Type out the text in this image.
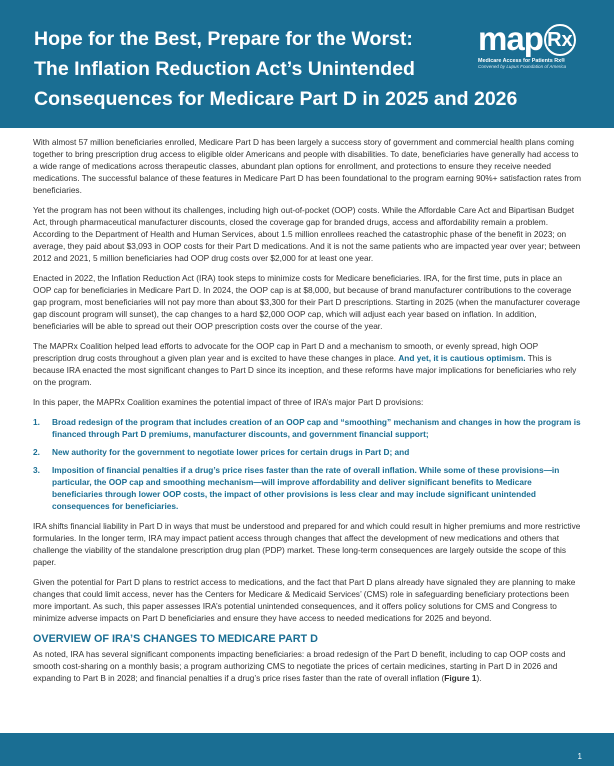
Hope for the Best, Prepare for the Worst:
The Inflation Reduction Act’s Unintended
Consequences for Medicare Part D in 2025 and 2026
map Rx
Medicare Access for Patients Rx®
Convened by Lupus Foundation of America

With almost 57 million beneficiaries enrolled, Medicare Part D has been largely a success story of government and commercial health plans coming together to bring prescription drug access to eligible older Americans and people with disabilities. To date, beneficiaries have generally had access to a wide range of medications across therapeutic classes, abundant plan options for enrollment, and protections to ensure they receive needed medications. The successful balance of these features in Medicare Part D has been foundational to the program earning 90%+ satisfaction rates from beneficiaries.

Yet the program has not been without its challenges, including high out-of-pocket (OOP) costs. While the Affordable Care Act and Bipartisan Budget Act, through pharmaceutical manufacturer discounts, closed the coverage gap for branded drugs, access and affordability remain a problem. According to the Department of Health and Human Services, about 1.5 million enrollees reached the catastrophic phase of the benefit in 2023; on average, they paid about $3,093 in OOP costs for their Part D medications. And it is not the same patients who are impacted year over year; between 2012 and 2021, 5 million beneficiaries had OOP drug costs over $2,000 for at least one year.

Enacted in 2022, the Inflation Reduction Act (IRA) took steps to minimize costs for Medicare beneficiaries. IRA, for the first time, puts in place an OOP cap for beneficiaries in Medicare Part D. In 2024, the OOP cap is at $8,000, but because of brand manufacturer contributions to the coverage gap program, most beneficiaries will not pay more than about $3,300 for their Part D prescriptions. Starting in 2025 (when the manufacturer coverage gap discount program will sunset), the cap changes to a hard $2,000 OOP cap, which will adjust each year based on inflation. In addition, beneficiaries will be able to spread out their OOP prescription costs over the course of the year.

The MAPRx Coalition helped lead efforts to advocate for the OOP cap in Part D and a mechanism to smooth, or evenly spread, high OOP prescription drug costs throughout a given plan year and is excited to have these changes in place. And yet, it is cautious optimism. This is because IRA enacted the most significant changes to Part D since its inception, and these reforms have major implications for beneficiaries who rely on the program.

In this paper, the MAPRx Coalition examines the potential impact of three of IRA’s major Part D provisions:

1. Broad redesign of the program that includes creation of an OOP cap and “smoothing” mechanism and changes in how the program is financed through Part D premiums, manufacturer discounts, and government financial support;
2. New authority for the government to negotiate lower prices for certain drugs in Part D; and
3. Imposition of financial penalties if a drug’s price rises faster than the rate of overall inflation. While some of these provisions—in particular, the OOP cap and smoothing mechanism—will improve affordability and deliver significant benefits to Medicare beneficiaries through lower OOP costs, the impact of other provisions is less clear and may include significant unintended consequences for beneficiaries.

IRA shifts financial liability in Part D in ways that must be understood and prepared for and which could result in higher premiums and more restrictive formularies. In the longer term, IRA may impact patient access through changes that affect the development of new medications and others that challenge the viability of the standalone prescription drug plan (PDP) market. These long-term consequences are largely outside the scope of this paper.

Given the potential for Part D plans to restrict access to medications, and the fact that Part D plans already have signaled they are planning to make changes that could limit access, never has the Centers for Medicare & Medicaid Services’ (CMS) role in safeguarding beneficiary protections been more important. As such, this paper assesses IRA’s potential unintended consequences, and it offers policy solutions for CMS and Congress to minimize adverse impacts on Part D beneficiaries and ensure they have access to needed medications for 2025 and beyond.

OVERVIEW OF IRA’S CHANGES TO MEDICARE PART D

As noted, IRA has several significant components impacting beneficiaries: a broad redesign of the Part D benefit, including to cap OOP costs and smooth cost-sharing on a monthly basis; a program authorizing CMS to negotiate the prices of certain medicines, starting in Part D in 2026 and expanding to Part B in 2028; and financial penalties if a drug’s price rises faster than the rate of overall inflation (Figure 1).

1
